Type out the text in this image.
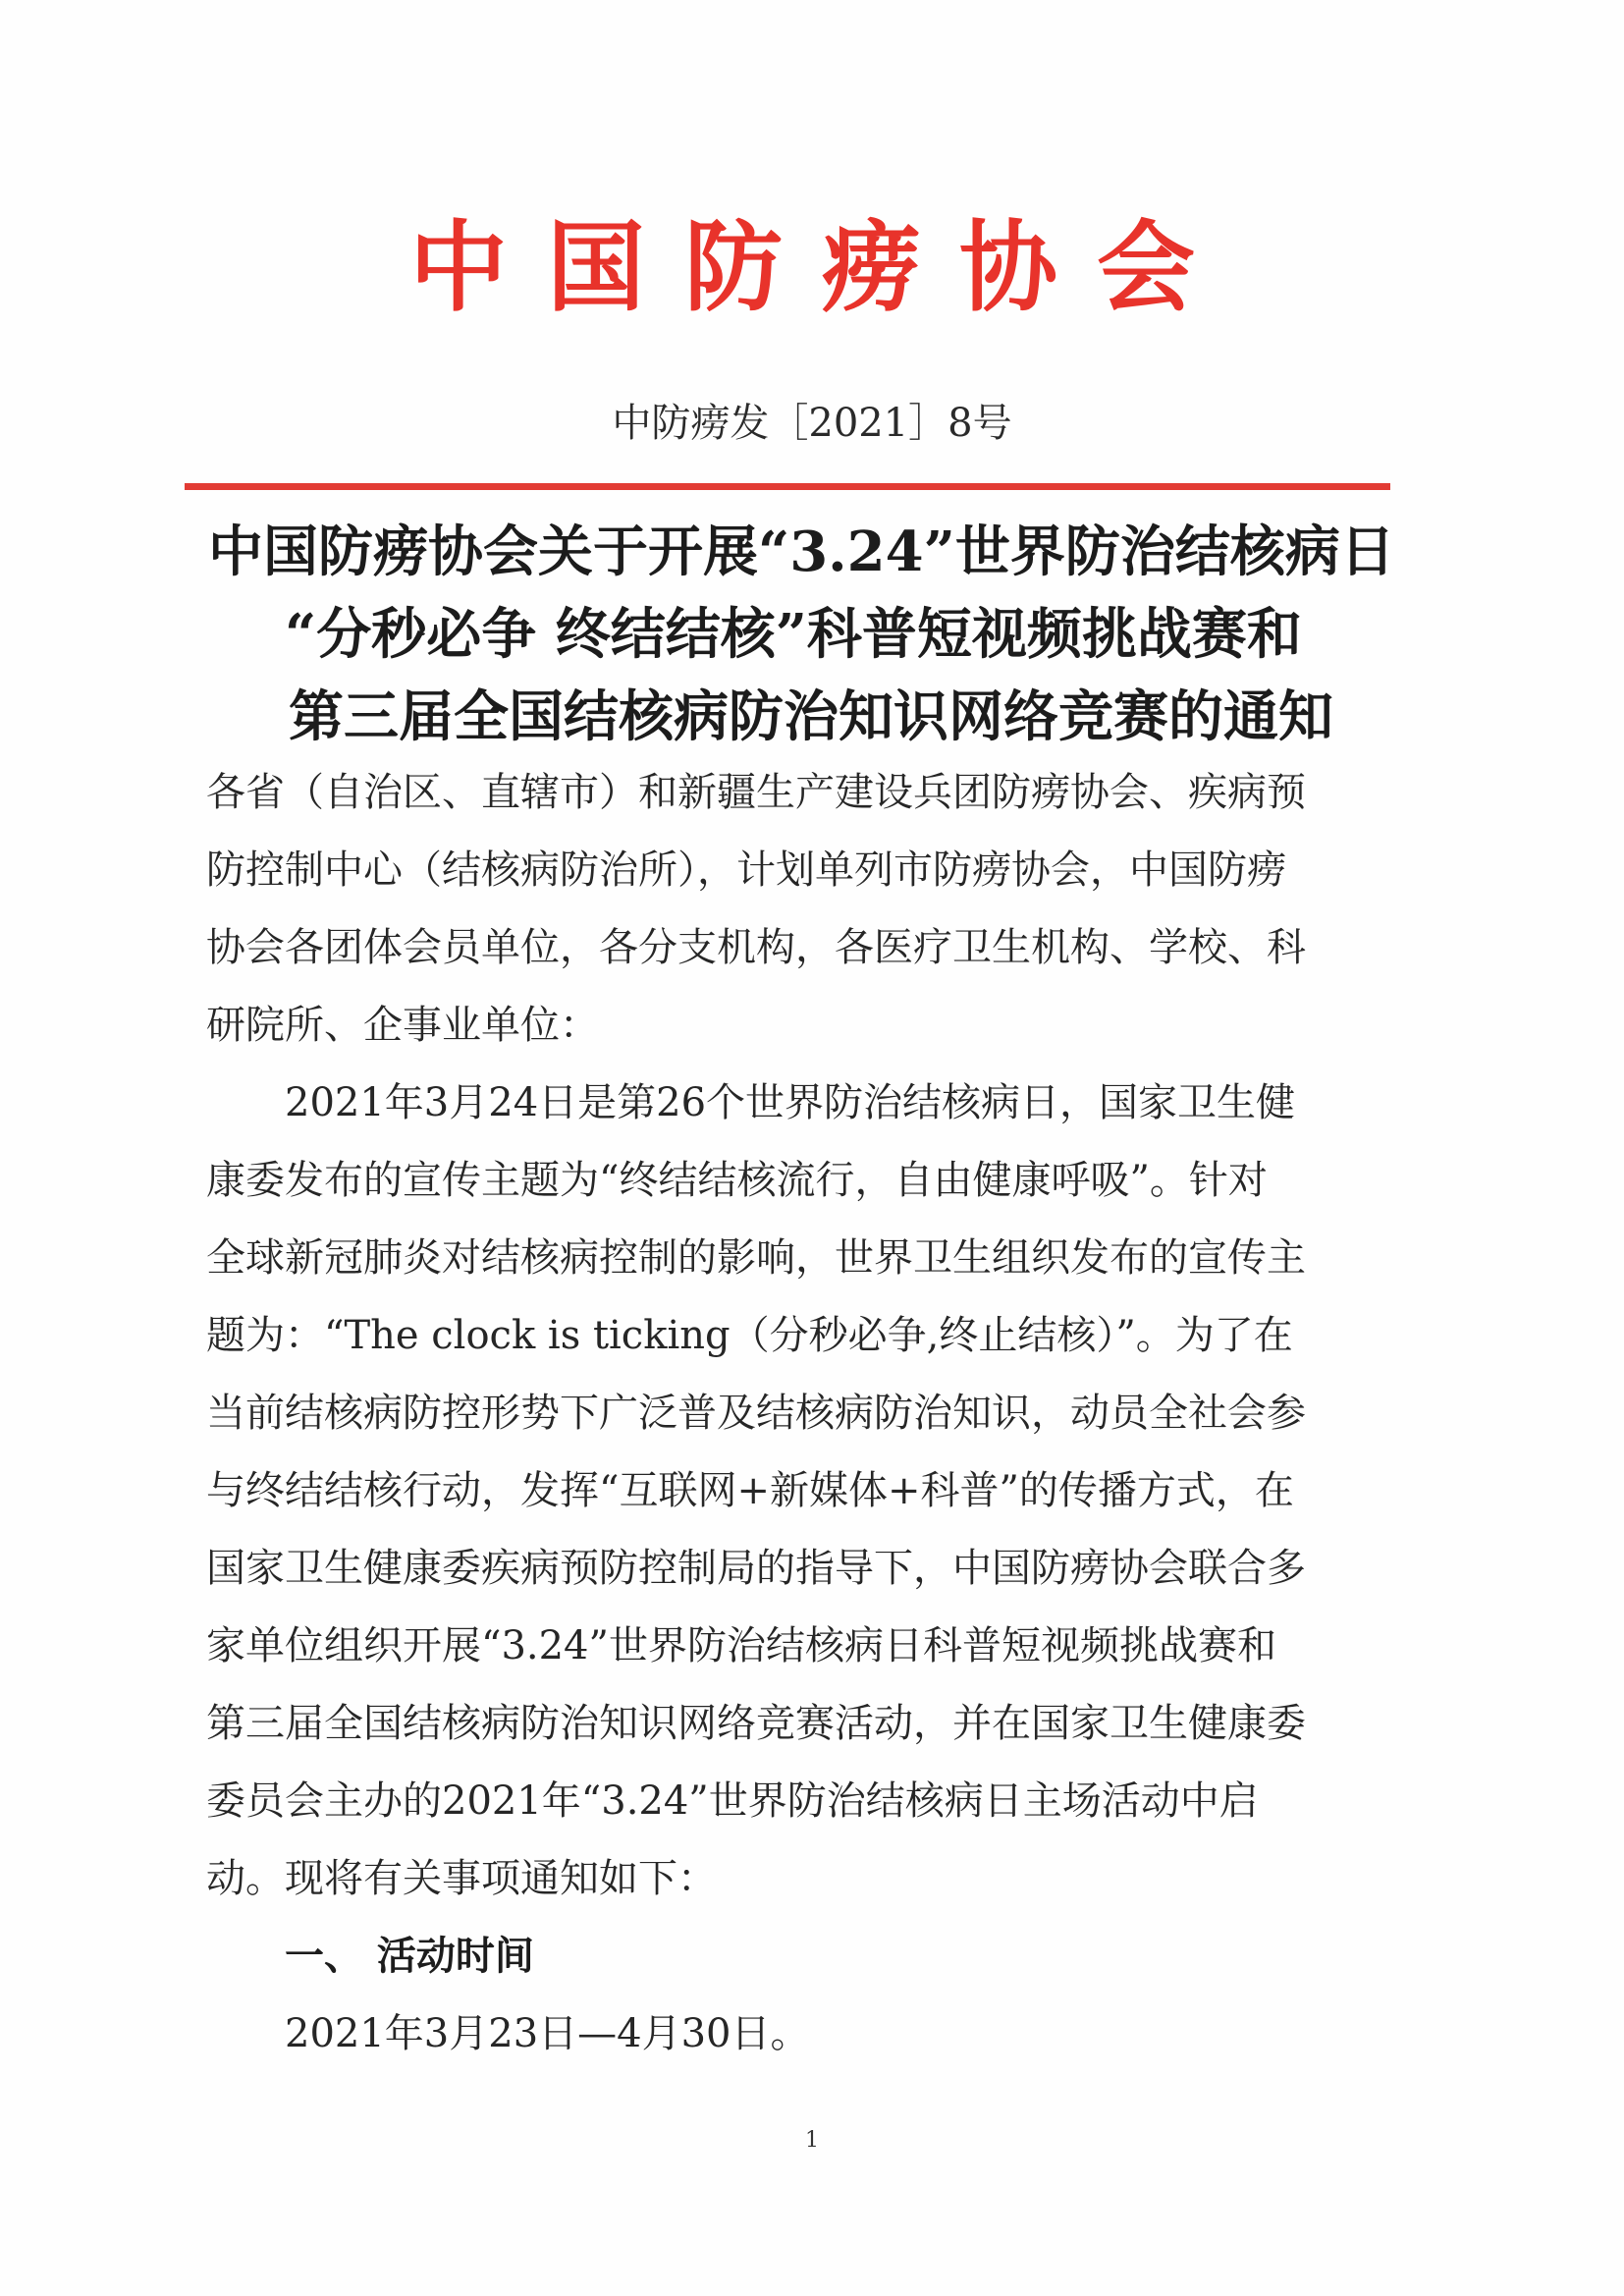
中国防痨协会
中防痨发［2021］8号
中国防痨协会关于开展“3.24”世界防治结核病日
“分秒必争 终结结核”科普短视频挑战赛和
第三届全国结核病防治知识网络竞赛的通知

各省（自治区、直辖市）和新疆生产建设兵团防痨协会、疾病预
防控制中心（结核病防治所），计划单列市防痨协会，中国防痨
协会各团体会员单位，各分支机构，各医疗卫生机构、学校、科
研院所、企事业单位：

2021年3月24日是第26个世界防治结核病日，国家卫生健
康委发布的宣传主题为“终结结核流行，自由健康呼吸”。针对
全球新冠肺炎对结核病控制的影响，世界卫生组织发布的宣传主
题为：“The clock is ticking（分秒必争,终止结核）”。为了在
当前结核病防控形势下广泛普及结核病防治知识，动员全社会参
与终结结核行动，发挥“互联网+新媒体+科普”的传播方式，在
国家卫生健康委疾病预防控制局的指导下，中国防痨协会联合多
家单位组织开展“3.24”世界防治结核病日科普短视频挑战赛和
第三届全国结核病防治知识网络竞赛活动，并在国家卫生健康委
委员会主办的2021年“3.24”世界防治结核病日主场活动中启
动。现将有关事项通知如下：

一、 活动时间

2021年3月23日—4月30日。

1
